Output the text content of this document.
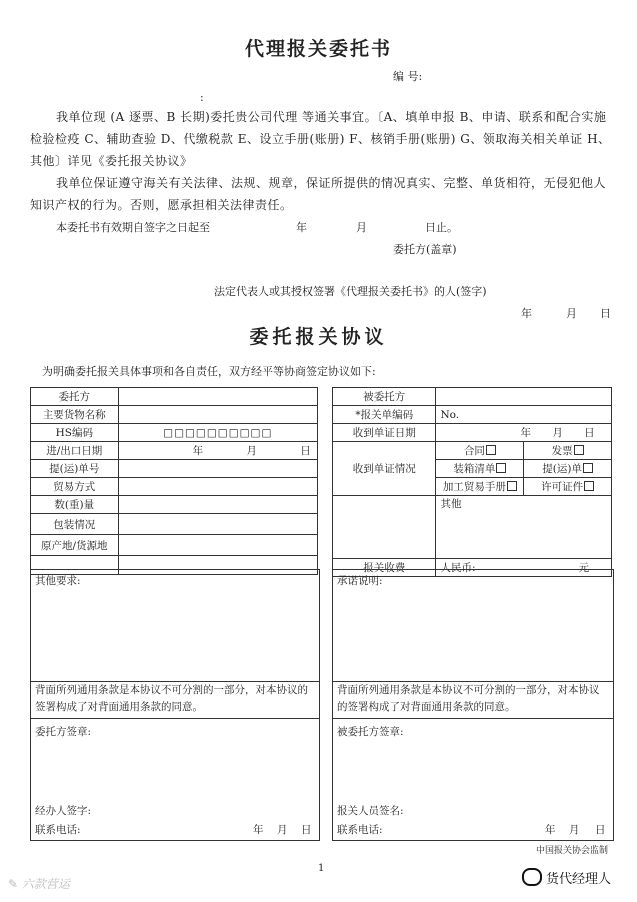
代理报关委托书
编 号:
:
我单位现 (A 逐票、B 长期)委托贵公司代理 等通关事宜。〔A、填单申报 B、申请、联系和配合实施检验检疫 C、辅助查验 D、代缴税款 E、设立手册(账册) F、核销手册(账册) G、领取海关相关单证 H、其他〕详见《委托报关协议》
我单位保证遵守海关有关法律、法规、规章，保证所提供的情况真实、完整、单货相符，无侵犯他人知识产权的行为。否则，愿承担相关法律责任。
本委托书有效期自签字之日起至	年	月	日止。
委托方(盖章)
法定代表人或其授权签署《代理报关委托书》的人(签字)
年	月 日
委托报关协议
为明确委托报关具体事项和各自责任，双方经平等协商签定协议如下:
委托方	
主要货物名称	
HS编码	□□□□□□□□□□
进/出口日期	年 月 日
提(运)单号	
贸易方式	
数(重)量	
包装情况	
原产地/货源地	

被委托方		
*报关单编码	No.	
收到单证日期	年 月 日	
收到单证情况	合同	发票
	装箱清单	提(运)单
	加工贸易手册	许可证件
	其他	
报关收费	人民币: 元	
其他要求:
背面所列通用条款是本协议不可分割的一部分，对本协议的签署构成了对背面通用条款的同意。
委托方签章:
经办人签字:
联系电话:	年 月 日
承诺说明:
背面所列通用条款是本协议不可分割的一部分，对本协议的签署构成了对背面通用条款的同意。
被委托方签章:
报关人员签名:
联系电话:	年 月 日
中国报关协会监制
1
✎ 六款营运	货代经理人
